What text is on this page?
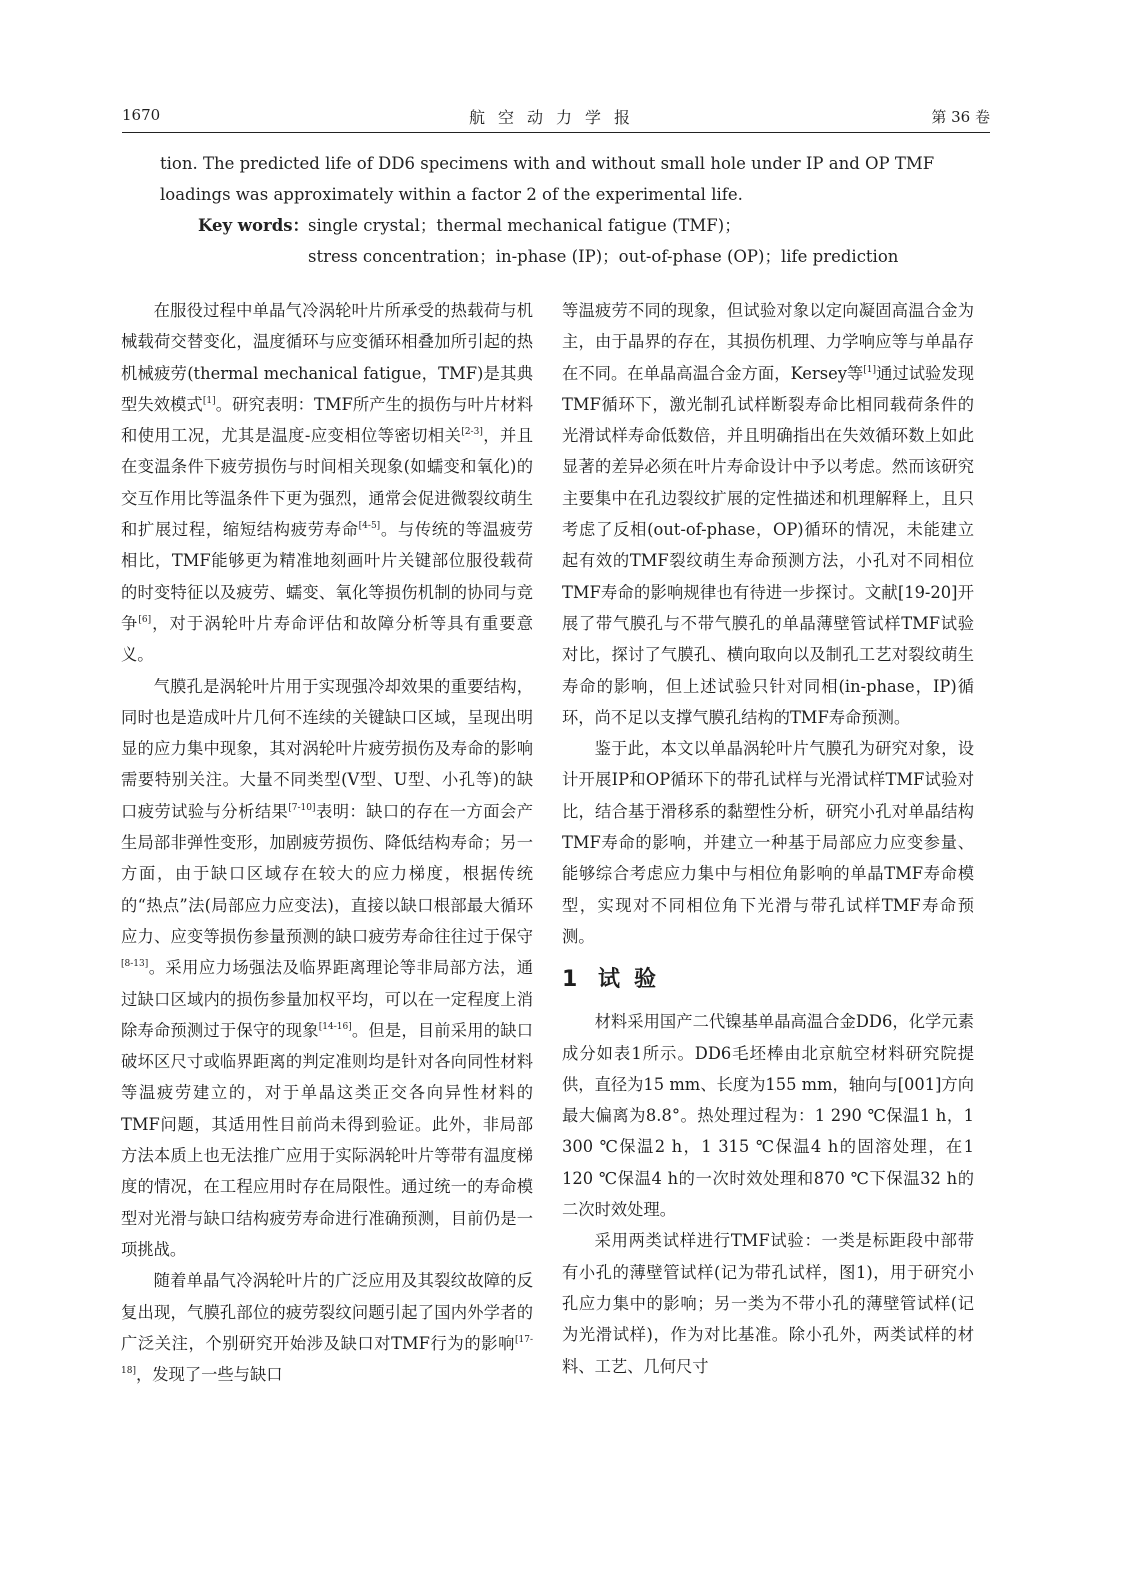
1670	航空动力学报	第 36 卷

tion. The predicted life of DD6 specimens with and without small hole under IP and OP TMF

loadings was approximately within a factor 2 of the experimental life.

Key words：
single crystal；thermal mechanical fatigue (TMF)；
stress concentration；in-phase (IP)；out-of-phase (OP)；life prediction

在服役过程中单晶气冷涡轮叶片所承受的热载荷与机械载荷交替变化，温度循环与应变循环相叠加所引起的热机械疲劳(thermal mechanical fatigue，TMF)是其典型失效模式[1]。研究表明：TMF所产生的损伤与叶片材料和使用工况，尤其是温度-应变相位等密切相关[2-3]，并且在变温条件下疲劳损伤与时间相关现象(如蠕变和氧化)的交互作用比等温条件下更为强烈，通常会促进微裂纹萌生和扩展过程，缩短结构疲劳寿命[4-5]。与传统的等温疲劳相比，TMF能够更为精准地刻画叶片关键部位服役载荷的时变特征以及疲劳、蠕变、氧化等损伤机制的协同与竞争[6]，对于涡轮叶片寿命评估和故障分析等具有重要意义。

气膜孔是涡轮叶片用于实现强冷却效果的重要结构，同时也是造成叶片几何不连续的关键缺口区域，呈现出明显的应力集中现象，其对涡轮叶片疲劳损伤及寿命的影响需要特别关注。大量不同类型(V型、U型、小孔等)的缺口疲劳试验与分析结果[7-10]表明：缺口的存在一方面会产生局部非弹性变形，加剧疲劳损伤、降低结构寿命；另一方面，由于缺口区域存在较大的应力梯度，根据传统的“热点”法(局部应力应变法)，直接以缺口根部最大循环应力、应变等损伤参量预测的缺口疲劳寿命往往过于保守[8-13]。采用应力场强法及临界距离理论等非局部方法，通过缺口区域内的损伤参量加权平均，可以在一定程度上消除寿命预测过于保守的现象[14-16]。但是，目前采用的缺口破坏区尺寸或临界距离的判定准则均是针对各向同性材料等温疲劳建立的，对于单晶这类正交各向异性材料的TMF问题，其适用性目前尚未得到验证。此外，非局部方法本质上也无法推广应用于实际涡轮叶片等带有温度梯度的情况，在工程应用时存在局限性。通过统一的寿命模型对光滑与缺口结构疲劳寿命进行准确预测，目前仍是一项挑战。

随着单晶气冷涡轮叶片的广泛应用及其裂纹故障的反复出现，气膜孔部位的疲劳裂纹问题引起了国内外学者的广泛关注，个别研究开始涉及缺口对TMF行为的影响[17-18]，发现了一些与缺口

等温疲劳不同的现象，但试验对象以定向凝固高温合金为主，由于晶界的存在，其损伤机理、力学响应等与单晶存在不同。在单晶高温合金方面，Kersey等[1]通过试验发现TMF循环下，激光制孔试样断裂寿命比相同载荷条件的光滑试样寿命低数倍，并且明确指出在失效循环数上如此显著的差异必须在叶片寿命设计中予以考虑。然而该研究主要集中在孔边裂纹扩展的定性描述和机理解释上，且只考虑了反相(out-of-phase，OP)循环的情况，未能建立起有效的TMF裂纹萌生寿命预测方法，小孔对不同相位TMF寿命的影响规律也有待进一步探讨。文献[19-20]开展了带气膜孔与不带气膜孔的单晶薄壁管试样TMF试验对比，探讨了气膜孔、横向取向以及制孔工艺对裂纹萌生寿命的影响，但上述试验只针对同相(in-phase，IP)循环，尚不足以支撑气膜孔结构的TMF寿命预测。

鉴于此，本文以单晶涡轮叶片气膜孔为研究对象，设计开展IP和OP循环下的带孔试样与光滑试样TMF试验对比，结合基于滑移系的黏塑性分析，研究小孔对单晶结构TMF寿命的影响，并建立一种基于局部应力应变参量、能够综合考虑应力集中与相位角影响的单晶TMF寿命模型，实现对不同相位角下光滑与带孔试样TMF寿命预测。

1 试验

材料采用国产二代镍基单晶高温合金DD6，化学元素成分如表1所示。DD6毛坯棒由北京航空材料研究院提供，直径为15 mm、长度为155 mm，轴向与[001]方向最大偏离为8.8°。热处理过程为：1 290 ℃保温1 h，1 300 ℃保温2 h，1 315 ℃保温4 h的固溶处理，在1 120 ℃保温4 h的一次时效处理和870 ℃下保温32 h的二次时效处理。

采用两类试样进行TMF试验：一类是标距段中部带有小孔的薄壁管试样(记为带孔试样，图1)，用于研究小孔应力集中的影响；另一类为不带小孔的薄壁管试样(记为光滑试样)，作为对比基准。除小孔外，两类试样的材料、工艺、几何尺寸
